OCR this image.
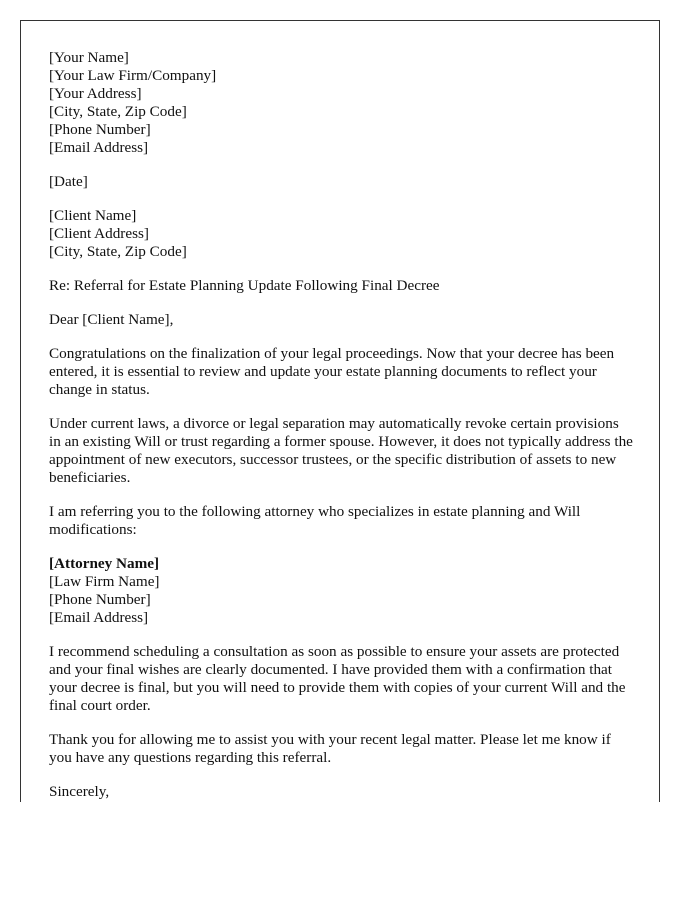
[Your Name]
[Your Law Firm/Company]
[Your Address]
[City, State, Zip Code]
[Phone Number]
[Email Address]
[Date]
[Client Name]
[Client Address]
[City, State, Zip Code]

Re: Referral for Estate Planning Update Following Final Decree

Dear [Client Name],

Congratulations on the finalization of your legal proceedings. Now that your decree has been entered, it is essential to review and update your estate planning documents to reflect your change in status.

Under current laws, a divorce or legal separation may automatically revoke certain provisions in an existing Will or trust regarding a former spouse. However, it does not typically address the appointment of new executors, successor trustees, or the specific distribution of assets to new beneficiaries.

I am referring you to the following attorney who specializes in estate planning and Will modifications:

[Attorney Name]
[Law Firm Name]
[Phone Number]
[Email Address]

I recommend scheduling a consultation as soon as possible to ensure your assets are protected and your final wishes are clearly documented. I have provided them with a confirmation that your decree is final, but you will need to provide them with copies of your current Will and the final court order.

Thank you for allowing me to assist you with your recent legal matter. Please let me know if you have any questions regarding this referral.

Sincerely,
